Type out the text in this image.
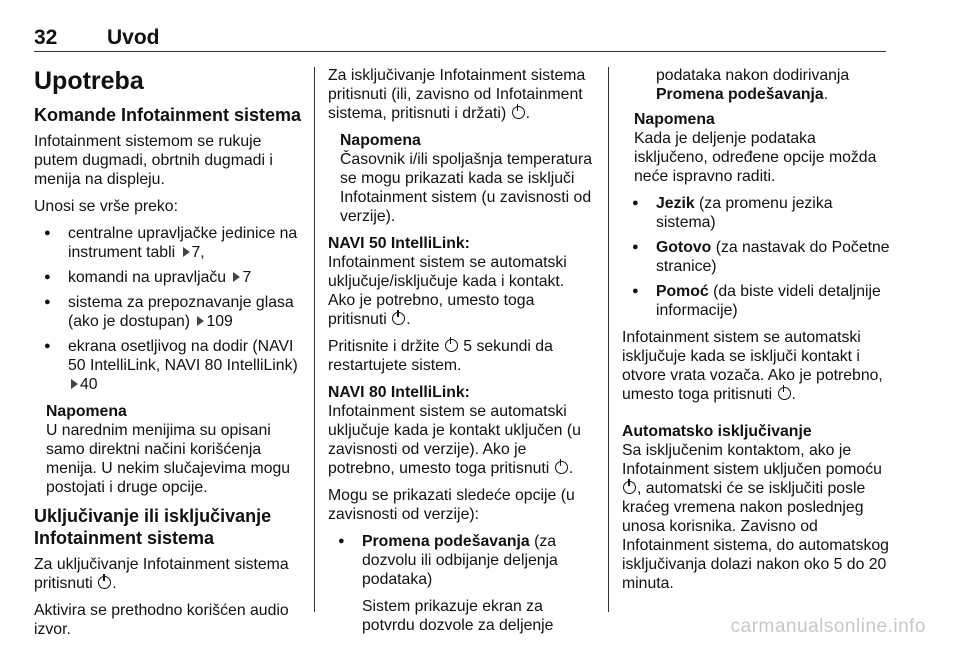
32 Uvod
Upotreba
Komande Infotainment sistema

Infotainment sistemom se rukuje putem dugmadi, obrtnih dugmadi i menija na displeju.

Unosi se vrše preko:

● centralne upravljačke jedinice na instrument tabli 7,
● komandi na upravljaču 7
● sistema za prepoznavanje glasa (ako je dostupan) 109
● ekrana osetljivog na dodir (NAVI 50 IntelliLink, NAVI 80 IntelliLink) 40
Napomena
U narednim menijima su opisani samo direktni načini korišćenja menija. U nekim slučajevima mogu postojati i druge opcije.
Uključivanje ili isključivanje Infotainment sistema

Za uključivanje Infotainment sistema pritisnuti .

Aktivira se prethodno korišćen audio izvor.

Za isključivanje Infotainment sistema pritisnuti (ili, zavisno od Infotainment sistema, pritisnuti i držati) .

Napomena
Časovnik i/ili spoljašnja temperatura se mogu prikazati kada se isključi Infotainment sistem (u zavisnosti od verzije).

NAVI 50 IntelliLink:
Infotainment sistem se automatski uključuje/isključuje kada i kontakt. Ako je potrebno, umesto toga pritisnuti .

Pritisnite i držite 5 sekundi da restartujete sistem.

NAVI 80 IntelliLink:
Infotainment sistem se automatski uključuje kada je kontakt uključen (u zavisnosti od verzije). Ako je potrebno, umesto toga pritisnuti .

Mogu se prikazati sledeće opcije (u zavisnosti od verzije):

● Promena podešavanja (za dozvolu ili odbijanje deljenja podataka)
Sistem prikazuje ekran za potvrdu dozvole za deljenje
podataka nakon dodirivanja
Promena podešavanja.
Napomena
Kada je deljenje podataka isključeno, određene opcije možda neće ispravno raditi.
● Jezik (za promenu jezika sistema)
● Gotovo (za nastavak do Početne stranice)
● Pomoć (da biste videli detaljnije informacije)

Infotainment sistem se automatski isključuje kada se isključi kontakt i otvore vrata vozača. Ako je potrebno, umesto toga pritisnuti .

Automatsko isključivanje

Sa isključenim kontaktom, ako je Infotainment sistem uključen pomoću , automatski će se isključiti posle kraćeg vremena nakon poslednjeg unosa korisnika. Zavisno od Infotainment sistema, do automatskog isključivanja dolazi nakon oko 5 do 20 minuta.

carmanualsonline.info
